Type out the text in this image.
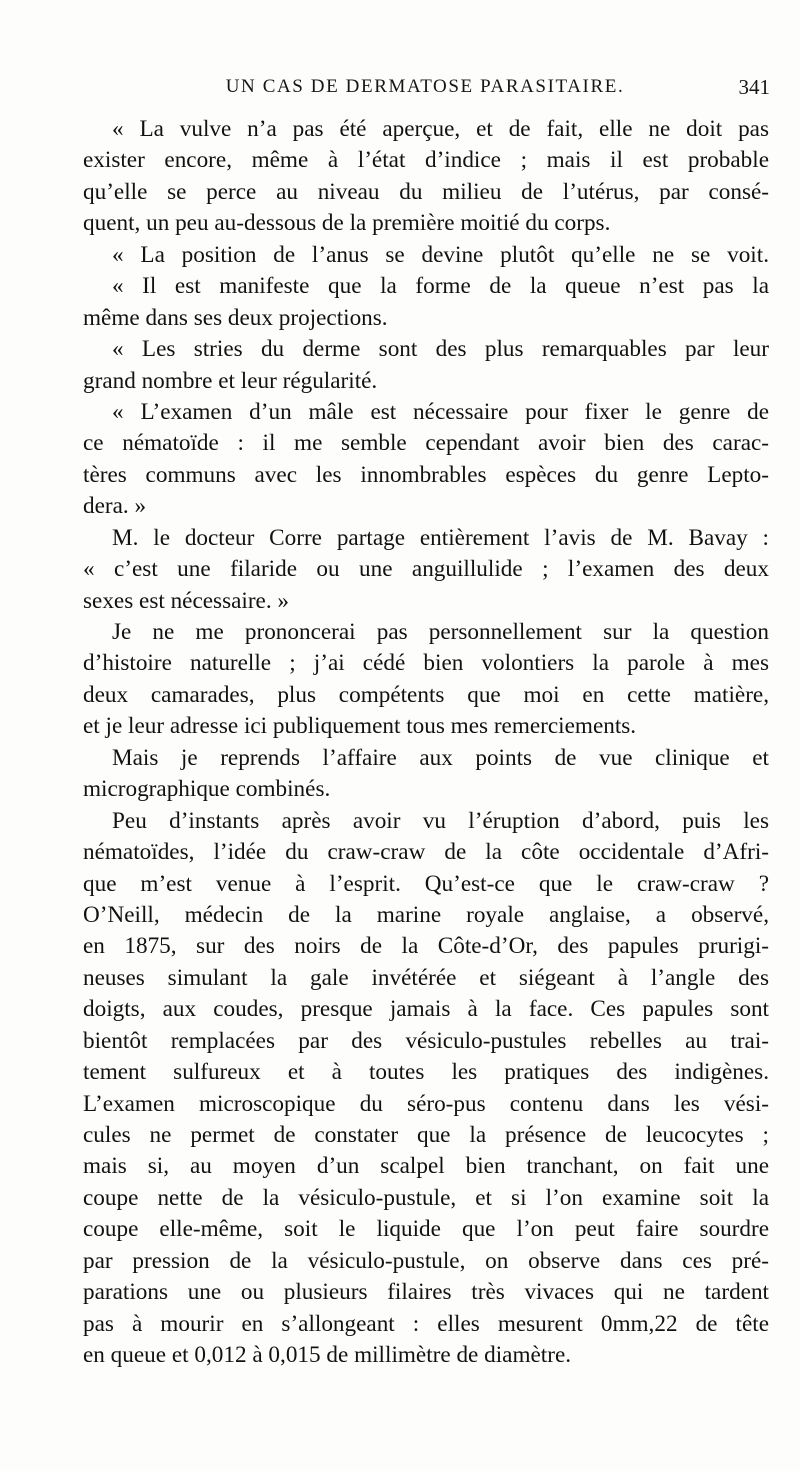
UN CAS DE DERMATOSE PARASITAIRE.	341
« La vulve n’a pas été aperçue, et de fait, elle ne doit pas
exister encore, même à l’état d’indice ; mais il est probable
qu’elle se perce au niveau du milieu de l’utérus, par consé-
quent, un peu au-dessous de la première moitié du corps.
« La position de l’anus se devine plutôt qu’elle ne se voit.
« Il est manifeste que la forme de la queue n’est pas la
même dans ses deux projections.
« Les stries du derme sont des plus remarquables par leur
grand nombre et leur régularité.
« L’examen d’un mâle est nécessaire pour fixer le genre de
ce nématoïde : il me semble cependant avoir bien des carac-
tères communs avec les innombrables espèces du genre Lepto-
dera. »
M. le docteur Corre partage entièrement l’avis de M. Bavay :
« c’est une filaride ou une anguillulide ; l’examen des deux
sexes est nécessaire. »
Je ne me prononcerai pas personnellement sur la question
d’histoire naturelle ; j’ai cédé bien volontiers la parole à mes
deux camarades, plus compétents que moi en cette matière,
et je leur adresse ici publiquement tous mes remerciements.
Mais je reprends l’affaire aux points de vue clinique et
micrographique combinés.
Peu d’instants après avoir vu l’éruption d’abord, puis les
nématoïdes, l’idée du craw-craw de la côte occidentale d’Afri-
que m’est venue à l’esprit. Qu’est-ce que le craw-craw ?
O’Neill, médecin de la marine royale anglaise, a observé,
en 1875, sur des noirs de la Côte-d’Or, des papules prurigi-
neuses simulant la gale invétérée et siégeant à l’angle des
doigts, aux coudes, presque jamais à la face. Ces papules sont
bientôt remplacées par des vésiculo-pustules rebelles au trai-
tement sulfureux et à toutes les pratiques des indigènes.
L’examen microscopique du séro-pus contenu dans les vési-
cules ne permet de constater que la présence de leucocytes ;
mais si, au moyen d’un scalpel bien tranchant, on fait une
coupe nette de la vésiculo-pustule, et si l’on examine soit la
coupe elle-même, soit le liquide que l’on peut faire sourdre
par pression de la vésiculo-pustule, on observe dans ces pré-
parations une ou plusieurs filaires très vivaces qui ne tardent
pas à mourir en s’allongeant : elles mesurent 0mm,22 de tête
en queue et 0,012 à 0,015 de millimètre de diamètre.
